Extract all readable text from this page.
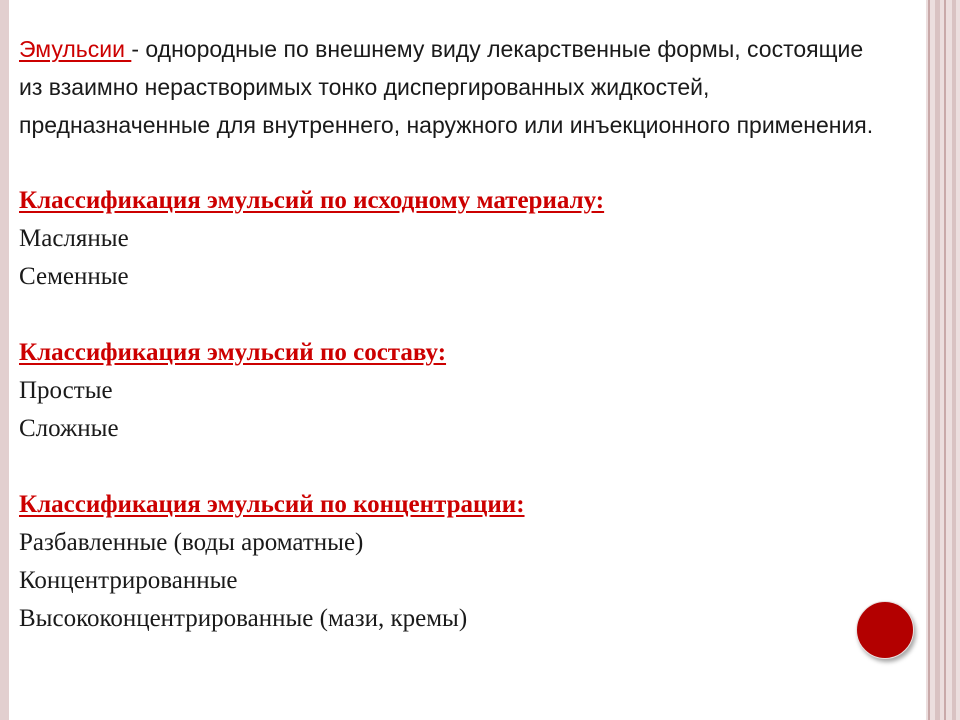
Эмульсии - однородные по внешнему виду лекарственные формы, состоящие из взаимно нерастворимых тонко диспергированных жидкостей, предназначенные для внутреннего, наружного или инъекционного применения.

Классификация эмульсий по исходному материалу:
Масляные
Семенные
Классификация эмульсий по составу:
Простые
Сложные
Классификация эмульсий по концентрации:
Разбавленные (воды ароматные)
Концентрированные
Высококонцентрированные (мази, кремы)
